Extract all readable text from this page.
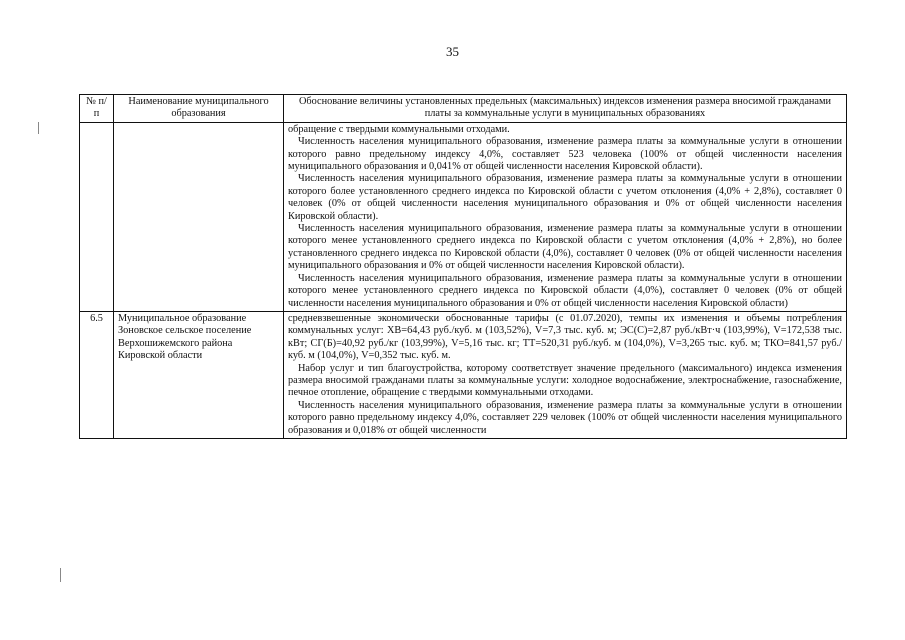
35
№ п/п	Наименование муниципального образования	Обоснование величины установленных предельных (максимальных) индексов изменения размера вносимой гражданами платы за коммунальные услуги в муниципальных образованиях

		обращение с твердыми коммунальными отходами.

Численность населения муниципального образования, изменение размера платы за коммунальные услуги в отношении которого равно предельному индексу 4,0%, составляет 523 человека (100% от общей численности населения муниципального образования и 0,041% от общей численности населения Кировской области).

Численность населения муниципального образования, изменение размера платы за коммунальные услуги в отношении которого более установленного среднего индекса по Кировской области с учетом отклонения (4,0% + 2,8%), составляет 0 человек (0% от общей численности населения муниципального образования и 0% от общей численности населения Кировской области).

Численность населения муниципального образования, изменение размера платы за коммунальные услуги в отношении которого менее установленного среднего индекса по Кировской области с учетом отклонения (4,0% + 2,8%), но более установленного среднего индекса по Кировской области (4,0%), составляет 0 человек (0% от общей численности населения муниципального образования и 0% от общей численности населения Кировской области).

Численность населения муниципального образования, изменение размера платы за коммунальные услуги в отношении которого менее установленного среднего индекса по Кировской области (4,0%), составляет 0 человек (0% от общей численности населения муниципального образования и 0% от общей численности населения Кировской области)

6.5	Муниципальное образование Зоновское сельское поселение Верхошижемского района Кировской области	средневзвешенные экономически обоснованные тарифы (с 01.07.2020), темпы их изменения и объемы потребления коммунальных услуг: ХВ=64,43 руб./куб. м (103,52%), V=7,3 тыс. куб. м; ЭС(С)=2,87 руб./кВт·ч (103,99%), V=172,538 тыс. кВт; СГ(Б)=40,92 руб./кг (103,99%), V=5,16 тыс. кг; ТТ=520,31 руб./куб. м (104,0%), V=3,265 тыс. куб. м; ТКО=841,57 руб./куб. м (104,0%), V=0,352 тыс. куб. м.

Набор услуг и тип благоустройства, которому соответствует значение предельного (максимального) индекса изменения размера вносимой гражданами платы за коммунальные услуги: холодное водоснабжение, электроснабжение, газоснабжение, печное отопление, обращение с твердыми коммунальными отходами.

Численность населения муниципального образования, изменение размера платы за коммунальные услуги в отношении которого равно предельному индексу 4,0%, составляет 229 человек (100% от общей численности населения муниципального образования и 0,018% от общей численности
